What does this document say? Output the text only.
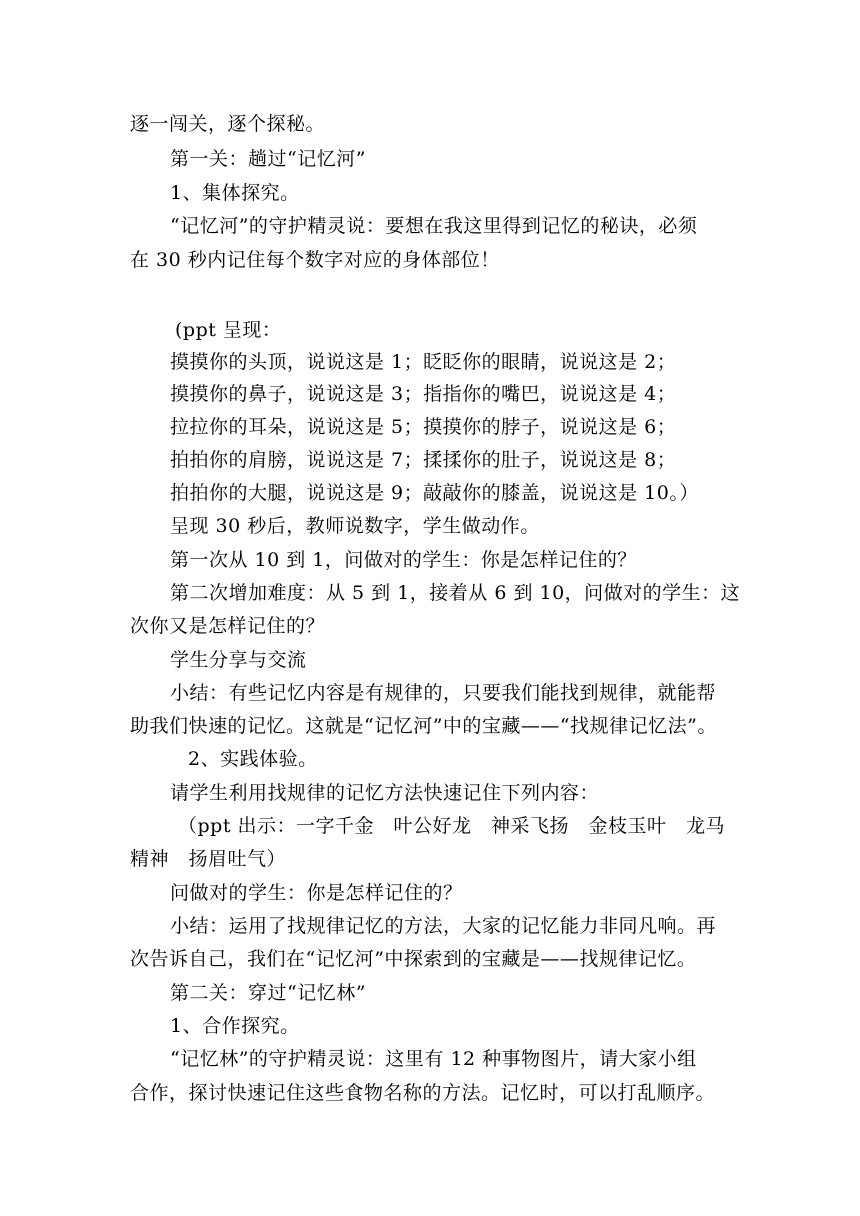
逐一闯关，逐个探秘。
第一关：趟过“记忆河”
1、集体探究。
“记忆河”的守护精灵说：要想在我这里得到记忆的秘诀，必须
在 30 秒内记住每个数字对应的身体部位！
(ppt 呈现：
摸摸你的头顶，说说这是 1；眨眨你的眼睛，说说这是 2；
摸摸你的鼻子，说说这是 3；指指你的嘴巴，说说这是 4；
拉拉你的耳朵，说说这是 5；摸摸你的脖子，说说这是 6；
拍拍你的肩膀，说说这是 7；揉揉你的肚子，说说这是 8；
拍拍你的大腿，说说这是 9；敲敲你的膝盖，说说这是 10。）
呈现 30 秒后，教师说数字，学生做动作。
第一次从 10 到 1，问做对的学生：你是怎样记住的？
第二次增加难度：从 5 到 1，接着从 6 到 10，问做对的学生：这
次你又是怎样记住的？
学生分享与交流
小结：有些记忆内容是有规律的，只要我们能找到规律，就能帮
助我们快速的记忆。这就是“记忆河”中的宝藏——“找规律记忆法”。
2、实践体验。
请学生利用找规律的记忆方法快速记住下列内容：
（ppt 出示：一字千金　叶公好龙　神采飞扬　金枝玉叶　龙马
精神　扬眉吐气）
问做对的学生：你是怎样记住的？
小结：运用了找规律记忆的方法，大家的记忆能力非同凡响。再
次告诉自己，我们在“记忆河”中探索到的宝藏是——找规律记忆。
第二关：穿过“记忆林”
1、合作探究。
“记忆林”的守护精灵说：这里有 12 种事物图片，请大家小组
合作，探讨快速记住这些食物名称的方法。记忆时，可以打乱顺序。
